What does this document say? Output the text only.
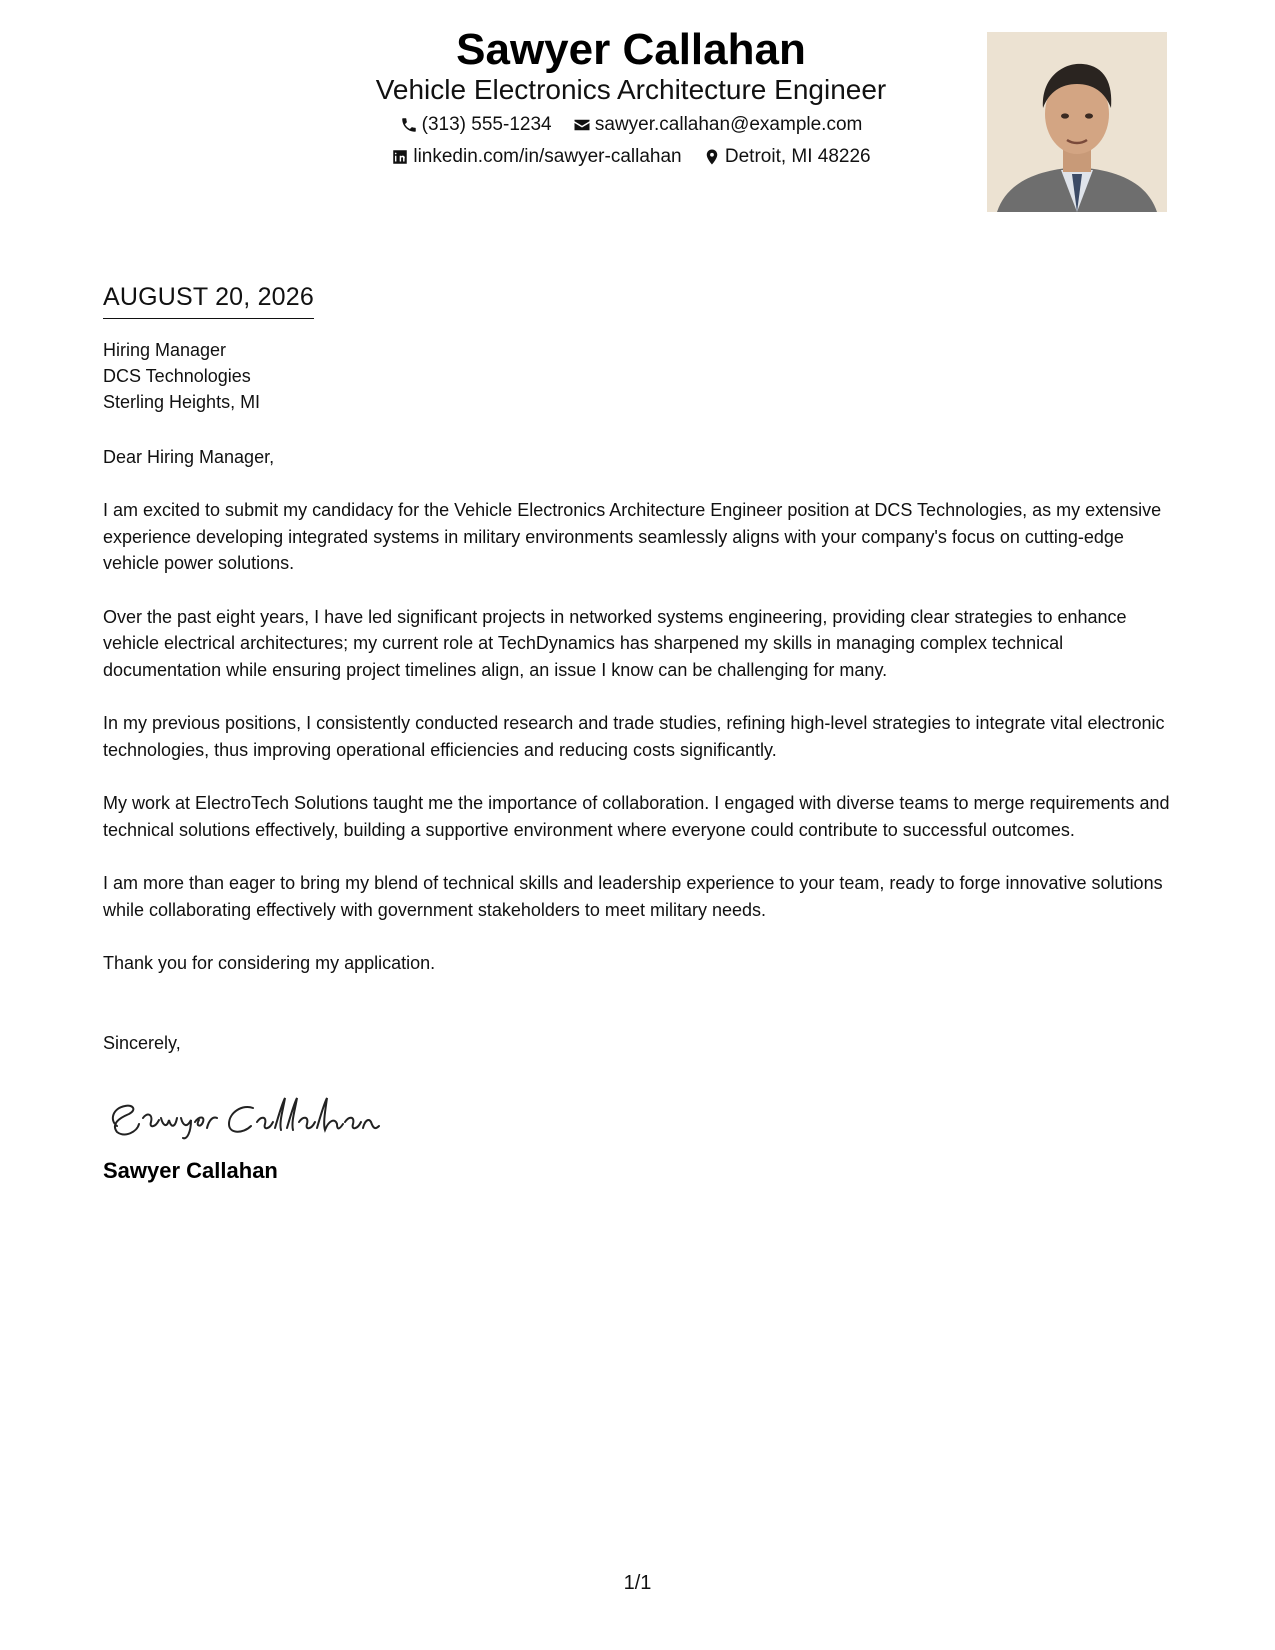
Sawyer Callahan
Vehicle Electronics Architecture Engineer
(313) 555-1234
sawyer.callahan@example.com
linkedin.com/in/sawyer-callahan
Detroit, MI 48226
AUGUST 20, 2026
Hiring Manager
DCS Technologies
Sterling Heights, MI
Dear Hiring Manager,
I am excited to submit my candidacy for the Vehicle Electronics Architecture Engineer position at DCS Technologies, as my extensive experience developing integrated systems in military environments seamlessly aligns with your company's focus on cutting-edge vehicle power solutions.
Over the past eight years, I have led significant projects in networked systems engineering, providing clear strategies to enhance vehicle electrical architectures; my current role at TechDynamics has sharpened my skills in managing complex technical documentation while ensuring project timelines align, an issue I know can be challenging for many.
In my previous positions, I consistently conducted research and trade studies, refining high-level strategies to integrate vital electronic technologies, thus improving operational efficiencies and reducing costs significantly.
My work at ElectroTech Solutions taught me the importance of collaboration. I engaged with diverse teams to merge requirements and technical solutions effectively, building a supportive environment where everyone could contribute to successful outcomes.
I am more than eager to bring my blend of technical skills and leadership experience to your team, ready to forge innovative solutions while collaborating effectively with government stakeholders to meet military needs.
Thank you for considering my application.
Sincerely,
Sawyer Callahan
1/1
